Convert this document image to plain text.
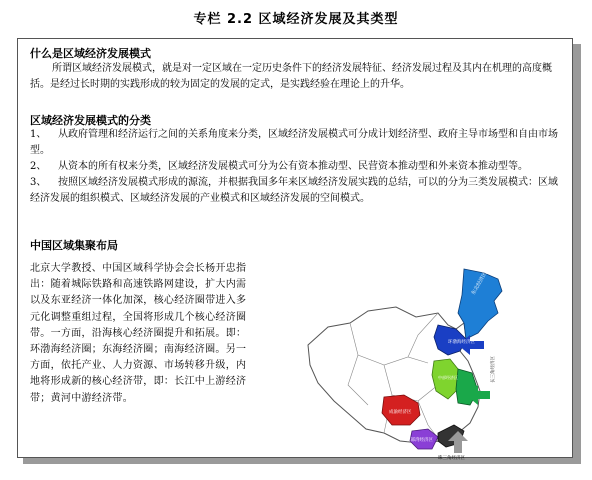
专栏 2.2 区域经济发展及其类型
什么是区域经济发展模式
所谓区域经济发展模式，就是对一定区域在一定历史条件下的经济发展特征、经济发展过程及其内在机理的高度概括。是经过长时期的实践形成的较为固定的发展的定式，是实践经验在理论上的升华。
区域经济发展模式的分类
1、 从政府管理和经济运行之间的关系角度来分类，区域经济发展模式可分成计划经济型、政府主导市场型和自由市场型。
2、 从资本的所有权来分类，区域经济发展模式可分为公有资本推动型、民营资本推动型和外来资本推动型等。
3、 按照区域经济发展模式形成的源流，并根据我国多年来区域经济发展实践的总结，可以的分为三类发展模式：区域经济发展的组织模式、区域经济发展的产业模式和区域经济发展的空间模式。
中国区域集聚布局
北京大学教授、中国区域科学协会会长杨开忠指出：随着城际铁路和高速铁路网建设，扩大内需以及东亚经济一体化加深，核心经济圈带进入多元化调整重组过程，全国将形成几个核心经济圈带。一方面，沿海核心经济圈提升和拓展。即：环渤海经济圈；东海经济圈；南海经济圈。另一方面，依托产业、人力资源、市场转移升级，内地将形成新的核心经济带，即：长江中上游经济带；黄河中游经济带。
东北经济区
环渤海经济区
长三角经济区
成渝经济区
中部经济区
北部湾经济区
珠三角经济区
